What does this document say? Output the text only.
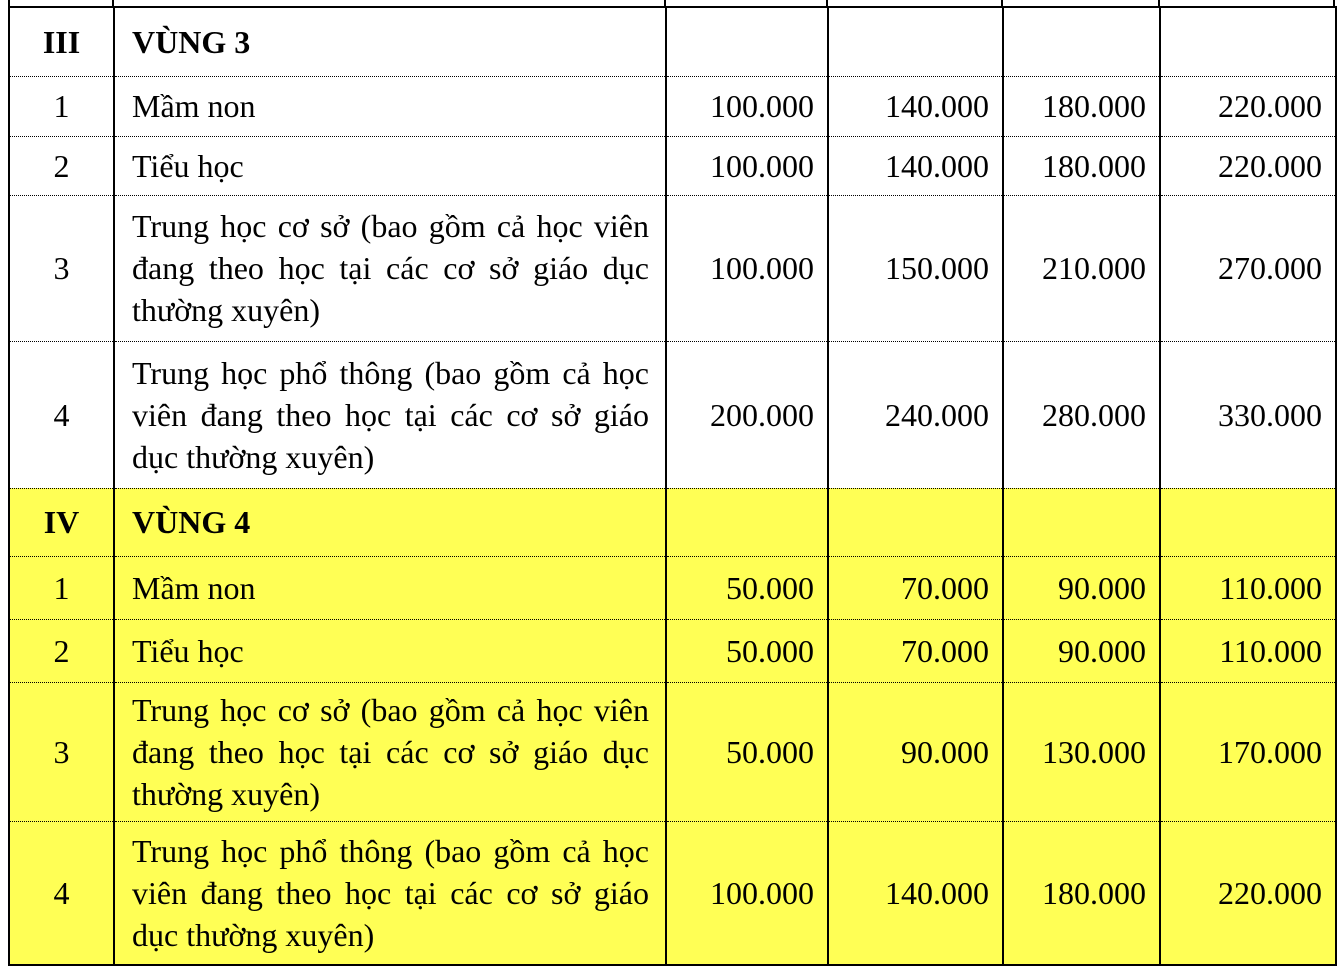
III	VÙNG 3				
1	Mầm non	100.000	140.000	180.000	220.000
2	Tiểu học	100.000	140.000	180.000	220.000
3	Trung học cơ sở (bao gồm cả học viên đang theo học tại các cơ sở giáo dục thường xuyên)	100.000	150.000	210.000	270.000
4	Trung học phổ thông (bao gồm cả học viên đang theo học tại các cơ sở giáo dục thường xuyên)	200.000	240.000	280.000	330.000
IV	VÙNG 4				
1	Mầm non	50.000	70.000	90.000	110.000
2	Tiểu học	50.000	70.000	90.000	110.000
3	Trung học cơ sở (bao gồm cả học viên đang theo học tại các cơ sở giáo dục thường xuyên)	50.000	90.000	130.000	170.000
4	Trung học phổ thông (bao gồm cả học viên đang theo học tại các cơ sở giáo dục thường xuyên)	100.000	140.000	180.000	220.000
